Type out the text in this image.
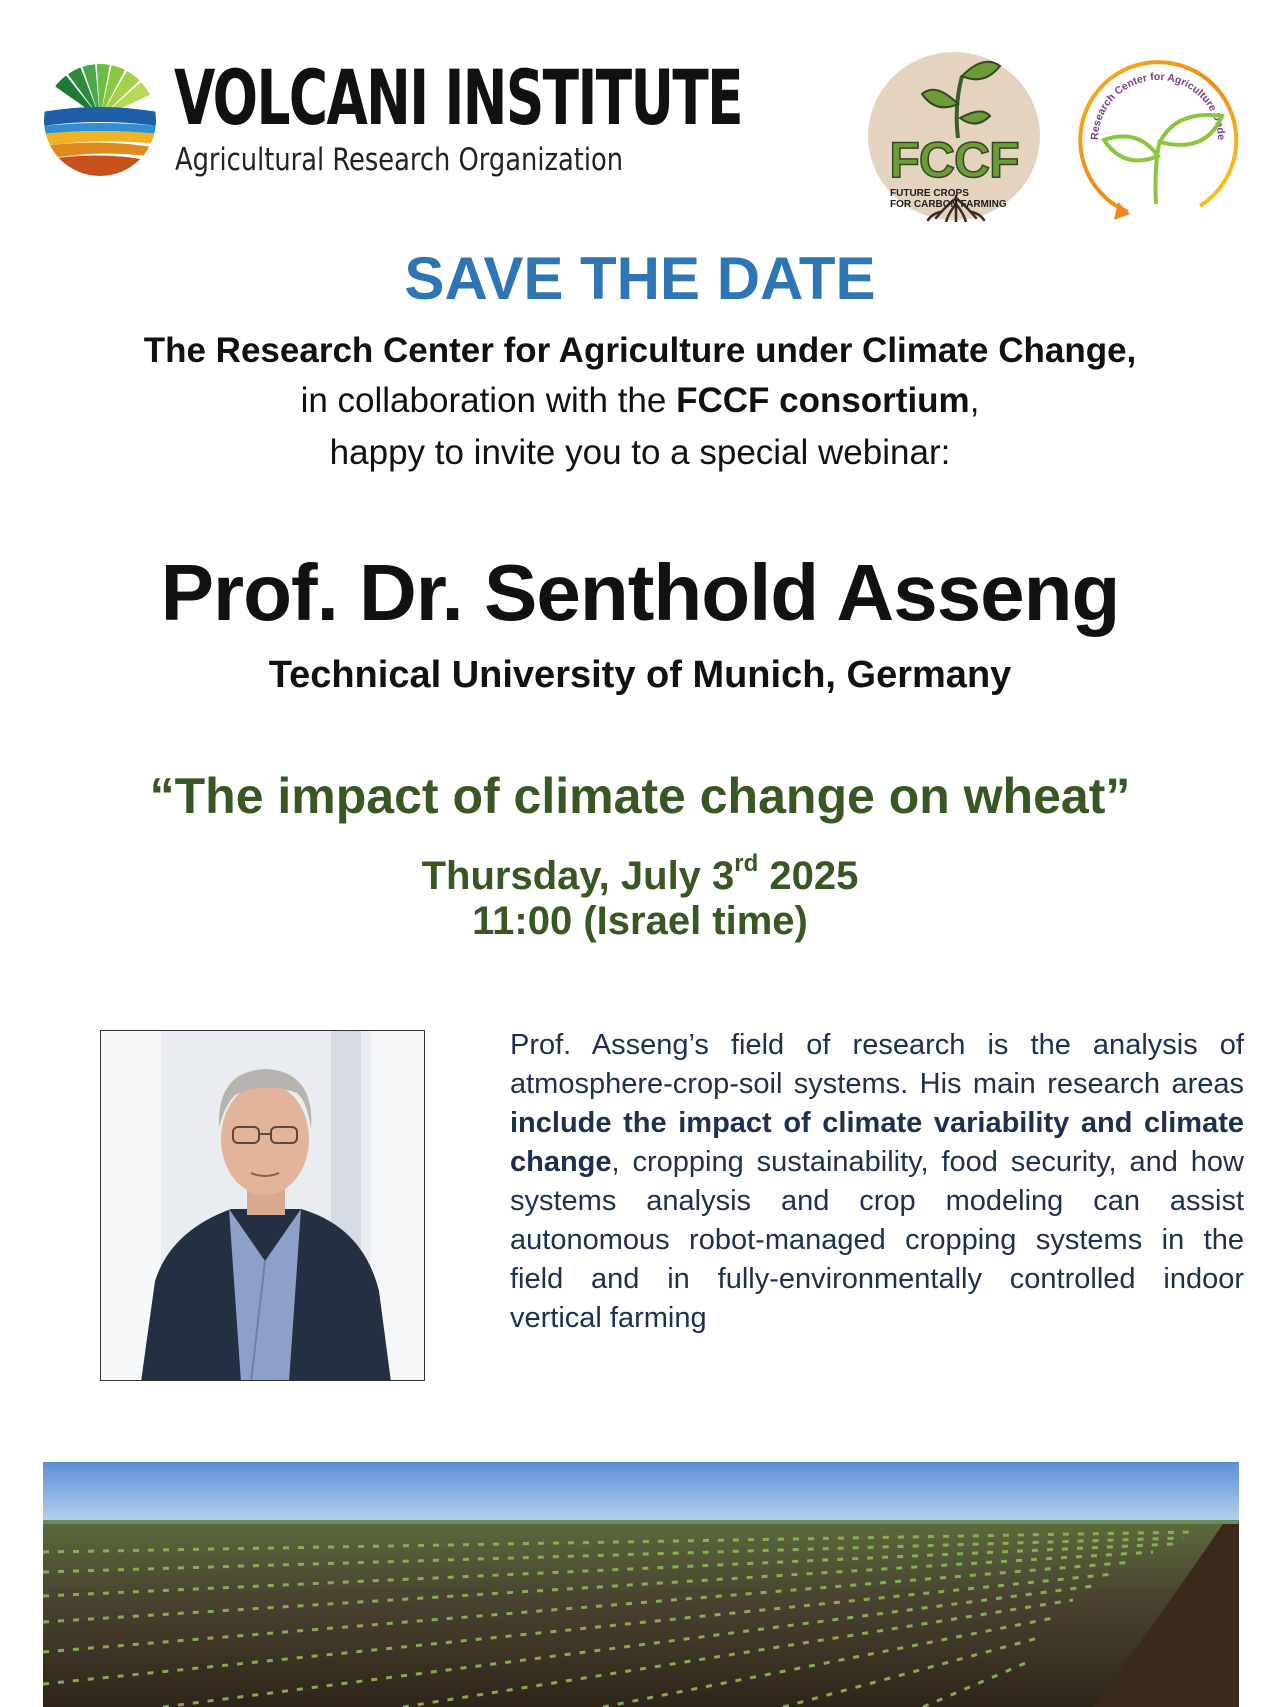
VOLCANI INSTITUTE
Agricultural Research Organization	FCCF
FUTURE CROPS
FOR CARBON FARMING
Research Center for Agriculture Unde
SAVE THE DATE
The Research Center for Agriculture under Climate Change,
in collaboration with the FCCF consortium,
happy to invite you to a special webinar:
Prof. Dr. Senthold Asseng
Technical University of Munich, Germany
“The impact of climate change on wheat”
Thursday, July 3rd 2025
11:00 (Israel time)
Prof. Asseng’s field of research is the analysis of atmosphere-crop-soil systems. His main research areas include the impact of climate variability and climate change, cropping sustainability, food security, and how systems analysis and crop modeling can assist autonomous robot-managed cropping systems in the field and in fully-environmentally controlled indoor vertical farming
